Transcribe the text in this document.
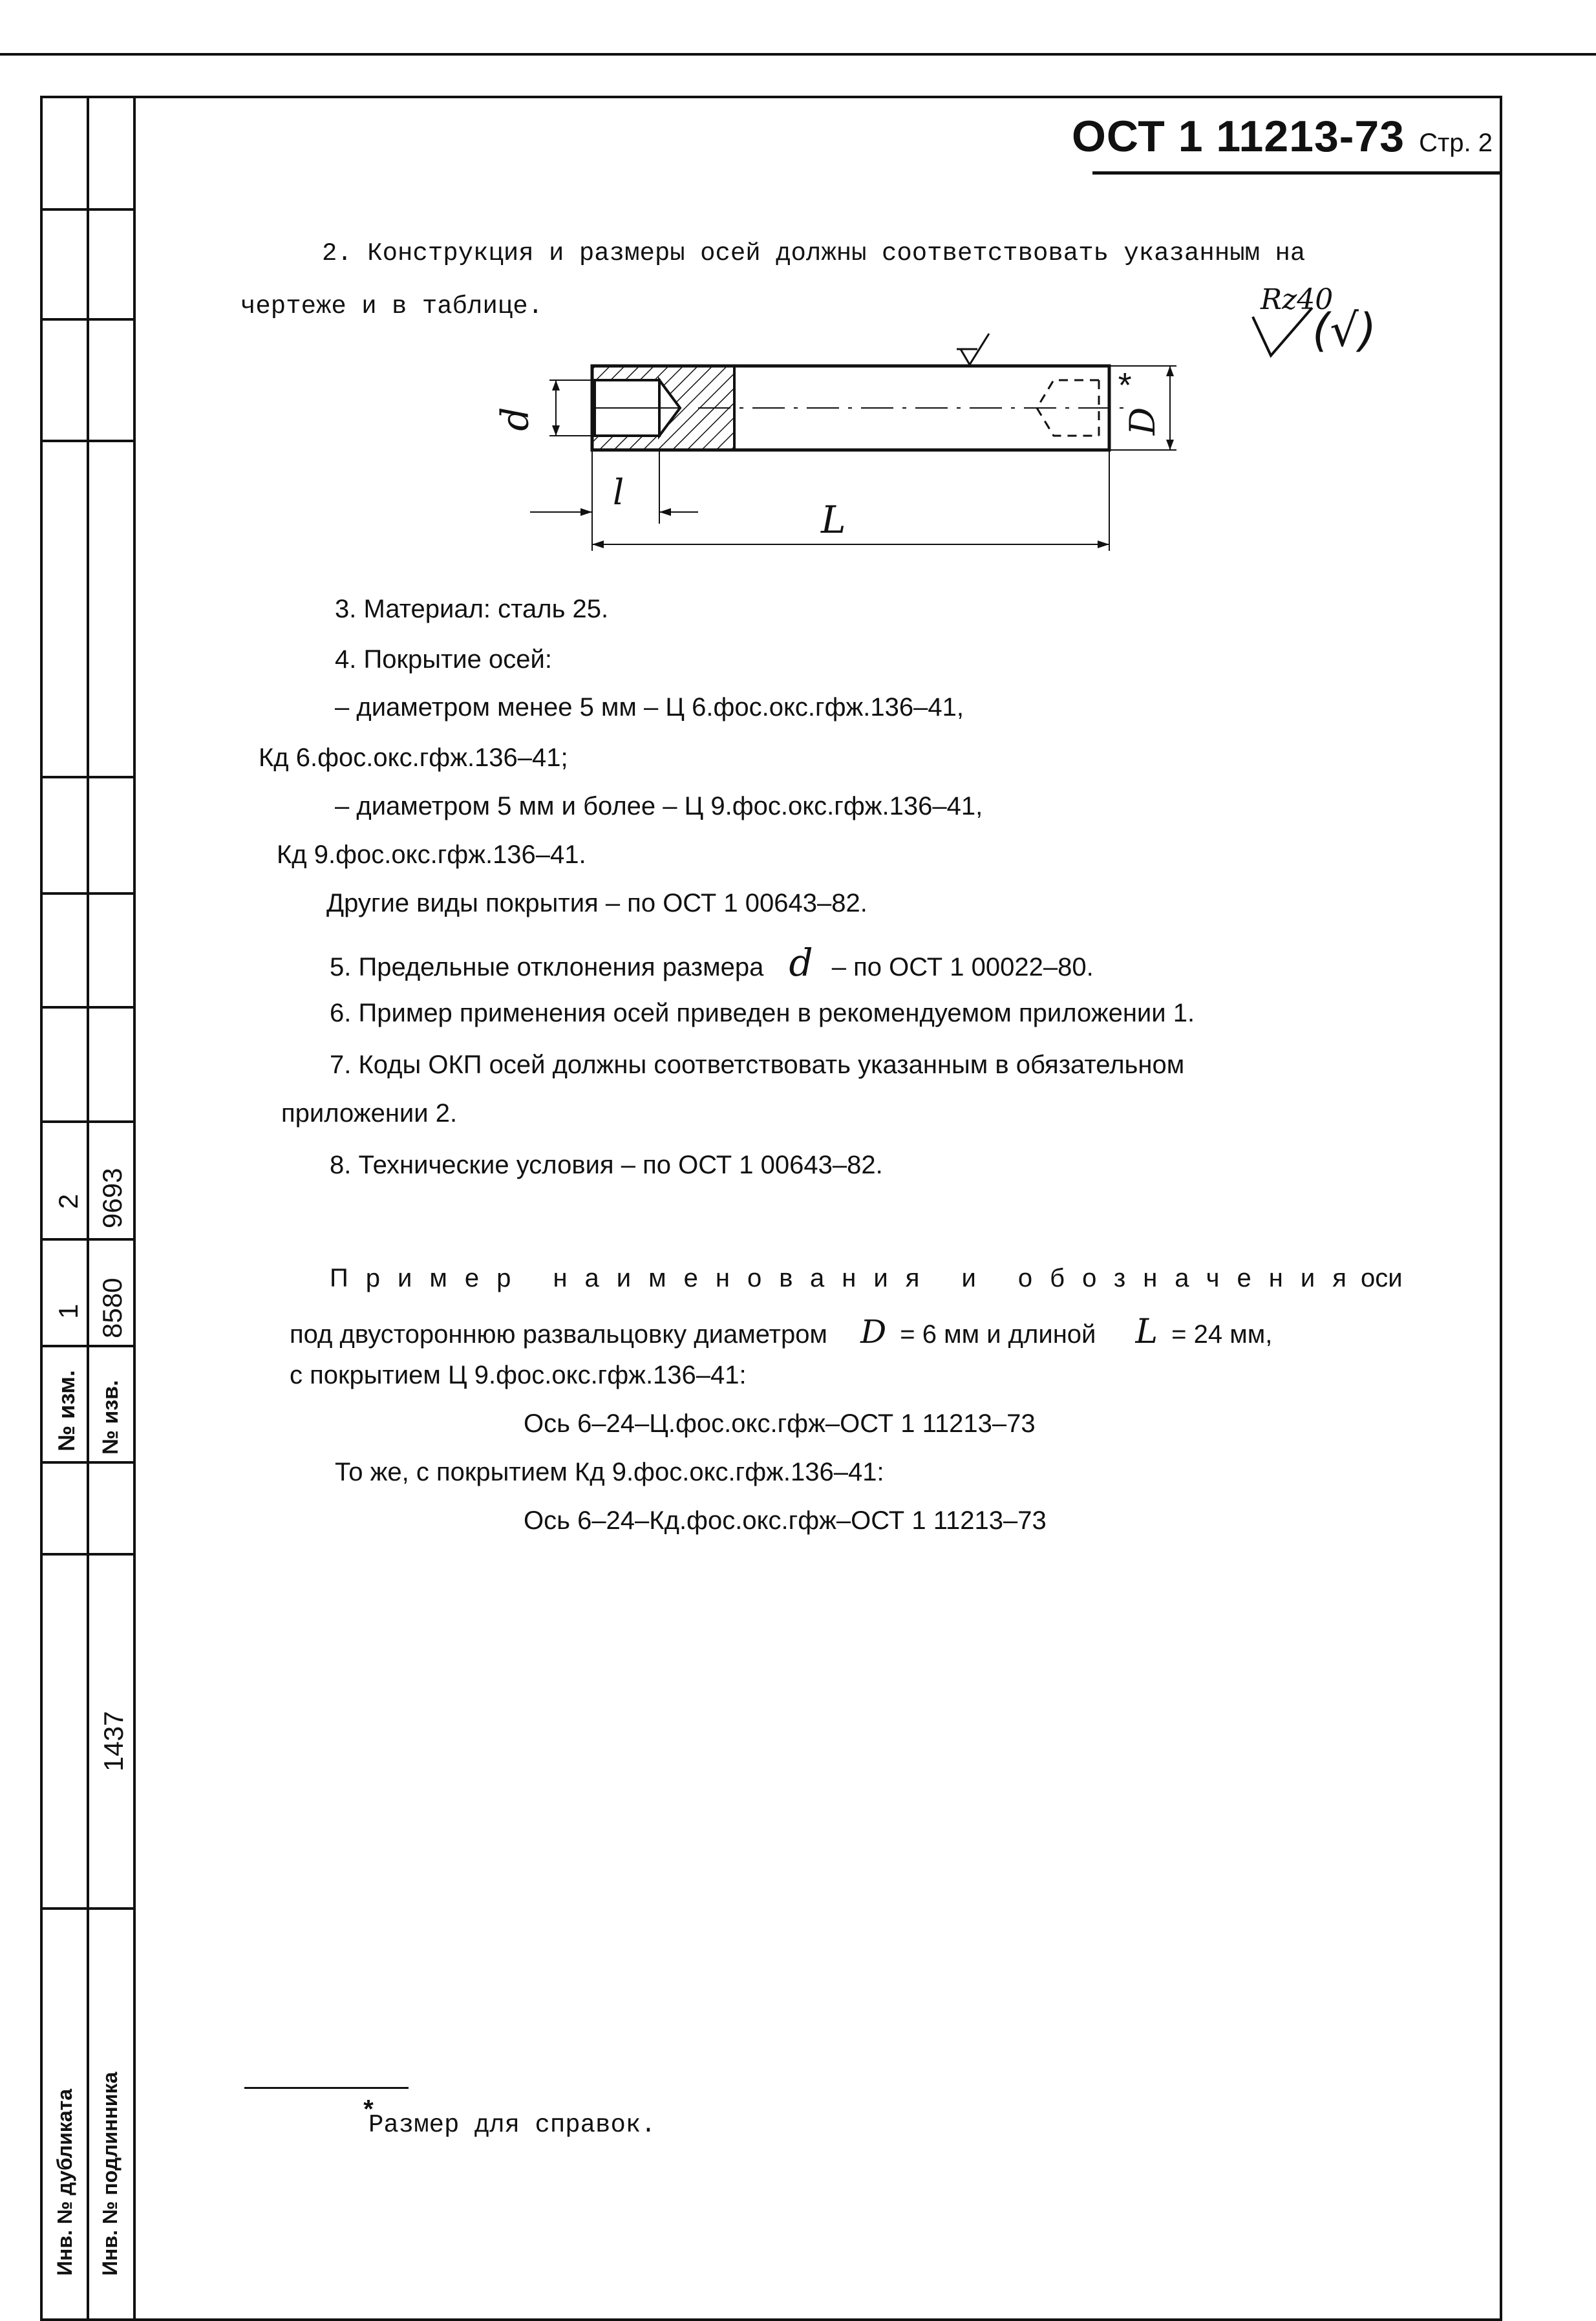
2 9693
1 8580
№ изм. № изв.
1437
Инв. № дубликата Инв. № подлинника
ОСТ 1 11213-73 Стр. 2
2. Конструкция и размеры осей должны соответствовать указанным на
чертеже и в таблице.	Rz40
(√)
d	D
*
l
L
3. Материал: сталь 25.
4. Покрытие осей:
– диаметром менее 5 мм – Ц 6.фос.окс.гфж.136–41,
Кд 6.фос.окс.гфж.136–41;
– диаметром 5 мм и более – Ц 9.фос.окс.гфж.136–41,
Кд 9.фос.окс.гфж.136–41.
Другие виды покрытия – по ОСТ 1 00643–82.
5. Предельные отклонения размера d – по ОСТ 1 00022–80.
6. Пример применения осей приведен в рекомендуемом приложении 1.
7. Коды ОКП осей должны соответствовать указанным в обязательном
приложении 2.
8. Технические условия – по ОСТ 1 00643–82.
Пример наименования и обозначения
оси
под двустороннюю развальцовку диаметром D = 6 мм и длиной L = 24 мм,
с покрытием Ц 9.фос.окс.гфж.136–41:
Ось 6–24–Ц.фос.окс.гфж–ОСТ 1 11213–73
То же, с покрытием Кд 9.фос.окс.гфж.136–41:
Ось 6–24–Кд.фос.окс.гфж–ОСТ 1 11213–73
*
Размер для справок.
